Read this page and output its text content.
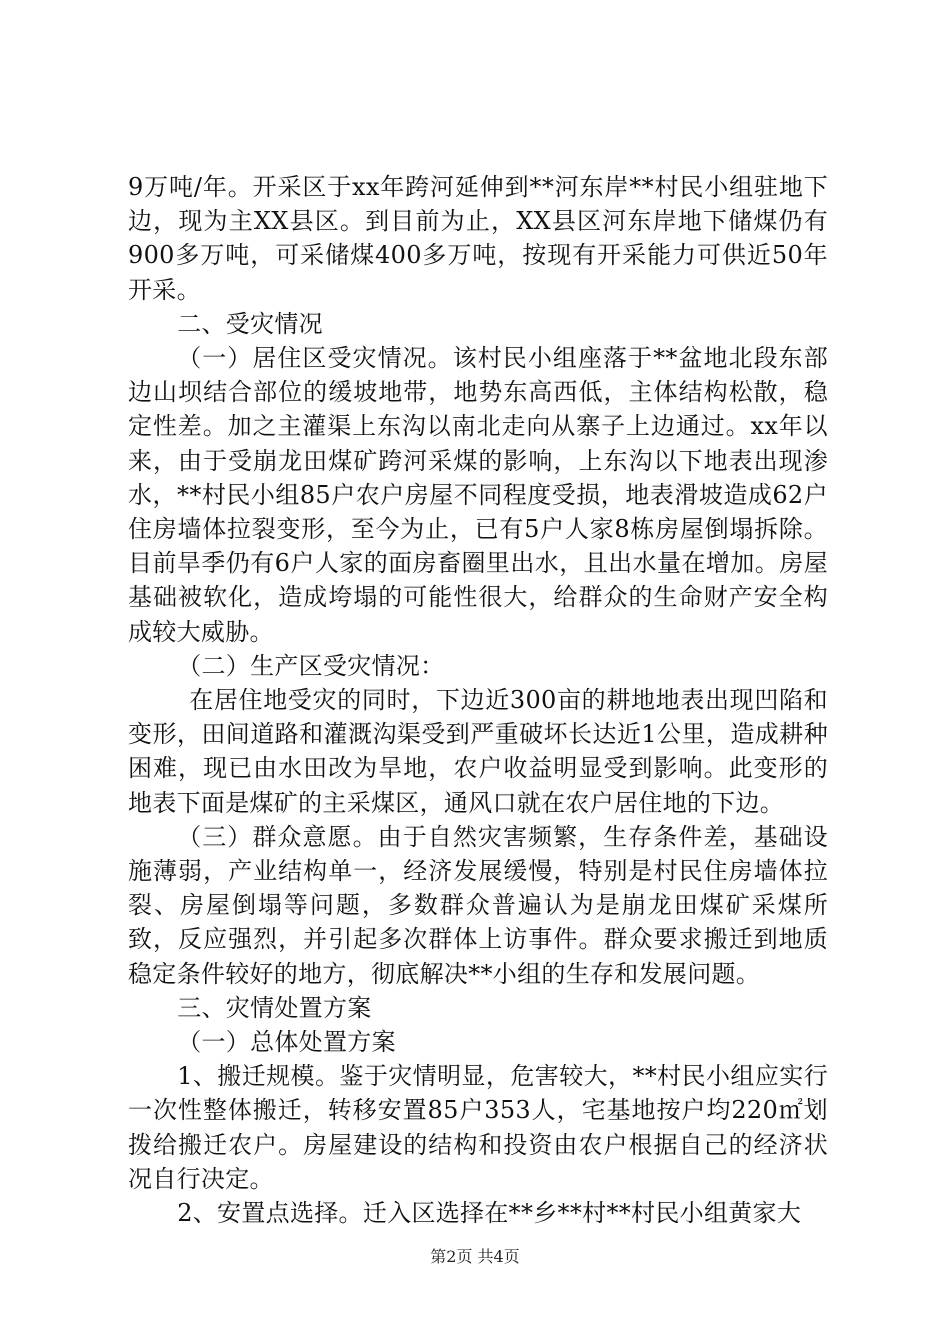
9万吨/年。开采区于xx年跨河延伸到**河东岸**村民小组驻地下边，现为主XX县区。到目前为止，XX县区河东岸地下储煤仍有900多万吨，可采储煤400多万吨，按现有开采能力可供近50年开采。

二、受灾情况

（一）居住区受灾情况。该村民小组座落于**盆地北段东部边山坝结合部位的缓坡地带，地势东高西低，主体结构松散，稳定性差。加之主灌渠上东沟以南北走向从寨子上边通过。xx年以来，由于受崩龙田煤矿跨河采煤的影响，上东沟以下地表出现渗水，**村民小组85户农户房屋不同程度受损，地表滑坡造成62户住房墙体拉裂变形，至今为止，已有5户人家8栋房屋倒塌拆除。目前旱季仍有6户人家的面房畜圈里出水，且出水量在增加。房屋基础被软化，造成垮塌的可能性很大，给群众的生命财产安全构成较大威胁。

（二）生产区受灾情况：

在居住地受灾的同时，下边近300亩的耕地地表出现凹陷和变形，田间道路和灌溉沟渠受到严重破坏长达近1公里，造成耕种困难，现已由水田改为旱地，农户收益明显受到影响。此变形的地表下面是煤矿的主采煤区，通风口就在农户居住地的下边。

（三）群众意愿。由于自然灾害频繁，生存条件差，基础设施薄弱，产业结构单一，经济发展缓慢，特别是村民住房墙体拉裂、房屋倒塌等问题，多数群众普遍认为是崩龙田煤矿采煤所致，反应强烈，并引起多次群体上访事件。群众要求搬迁到地质稳定条件较好的地方，彻底解决**小组的生存和发展问题。

三、灾情处置方案

（一）总体处置方案

1、搬迁规模。鉴于灾情明显，危害较大，**村民小组应实行一次性整体搬迁，转移安置85户353人，宅基地按户均220㎡划拨给搬迁农户。房屋建设的结构和投资由农户根据自己的经济状况自行决定。

2、安置点选择。迁入区选择在**乡**村**村民小组黄家大

第2页 共4页
